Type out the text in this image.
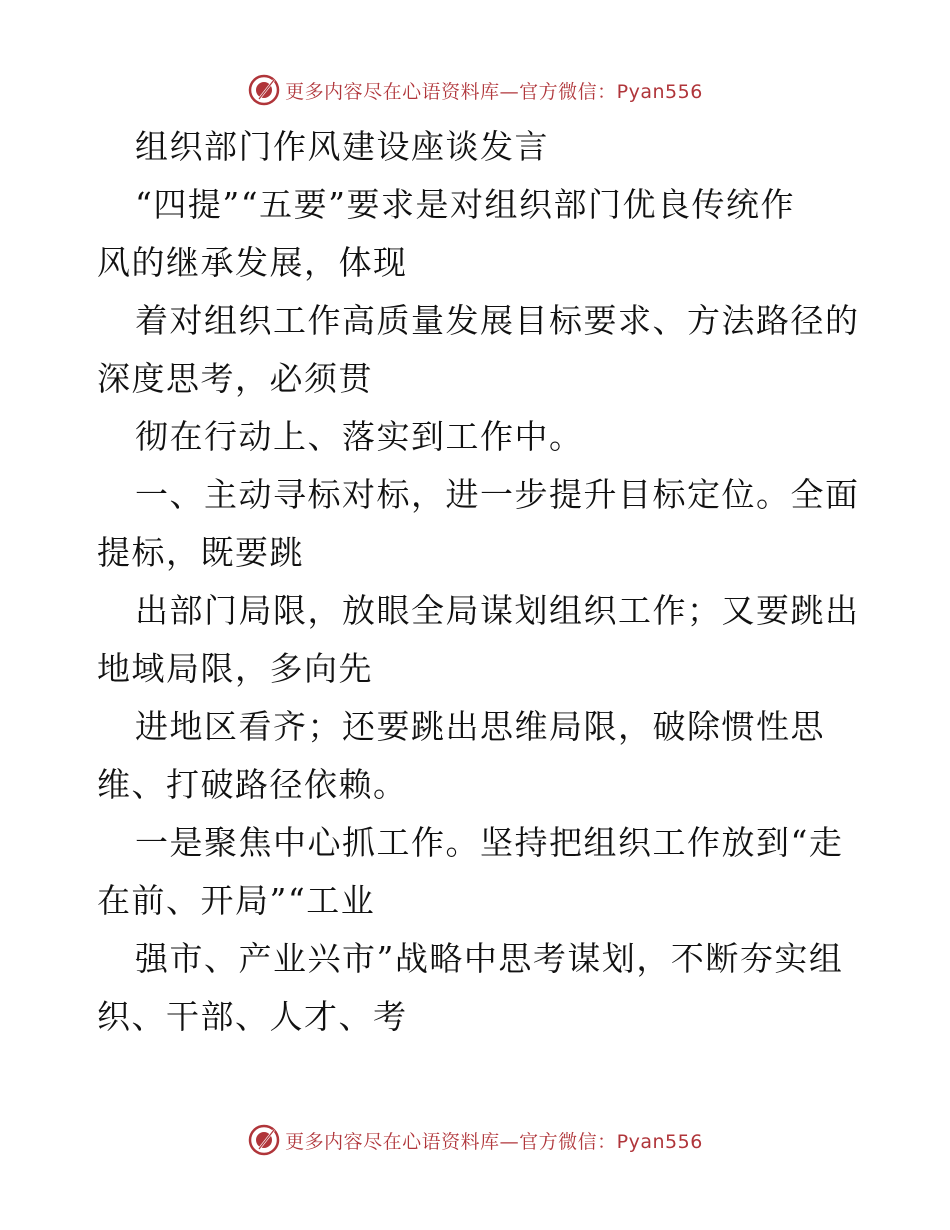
更多内容尽在心语资料库—官方微信：Pyan556
组织部门作风建设座谈发言
“四提”“五要”要求是对组织部门优良传统作
风的继承发展，体现
着对组织工作高质量发展目标要求、方法路径的
深度思考，必须贯
彻在行动上、落实到工作中。
一、主动寻标对标，进一步提升目标定位。全面
提标，既要跳
出部门局限，放眼全局谋划组织工作；又要跳出
地域局限，多向先
进地区看齐；还要跳出思维局限，破除惯性思
维、打破路径依赖。
一是聚焦中心抓工作。坚持把组织工作放到“走
在前、开局”“工业
强市、产业兴市”战略中思考谋划，不断夯实组
织、干部、人才、考
更多内容尽在心语资料库—官方微信：Pyan556
